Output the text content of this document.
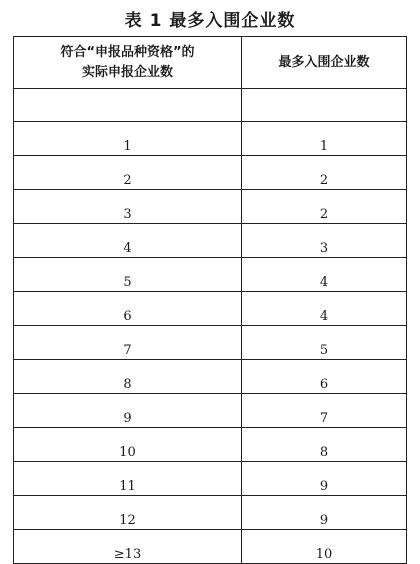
表 1 最多入围企业数
符合“申报品种资格”的
实际申报企业数	最多入围企业数

1	1
2	2
3	2
4	3
5	4
6	4
7	5
8	6
9	7
10	8
11	9
12	9
≥13	10
